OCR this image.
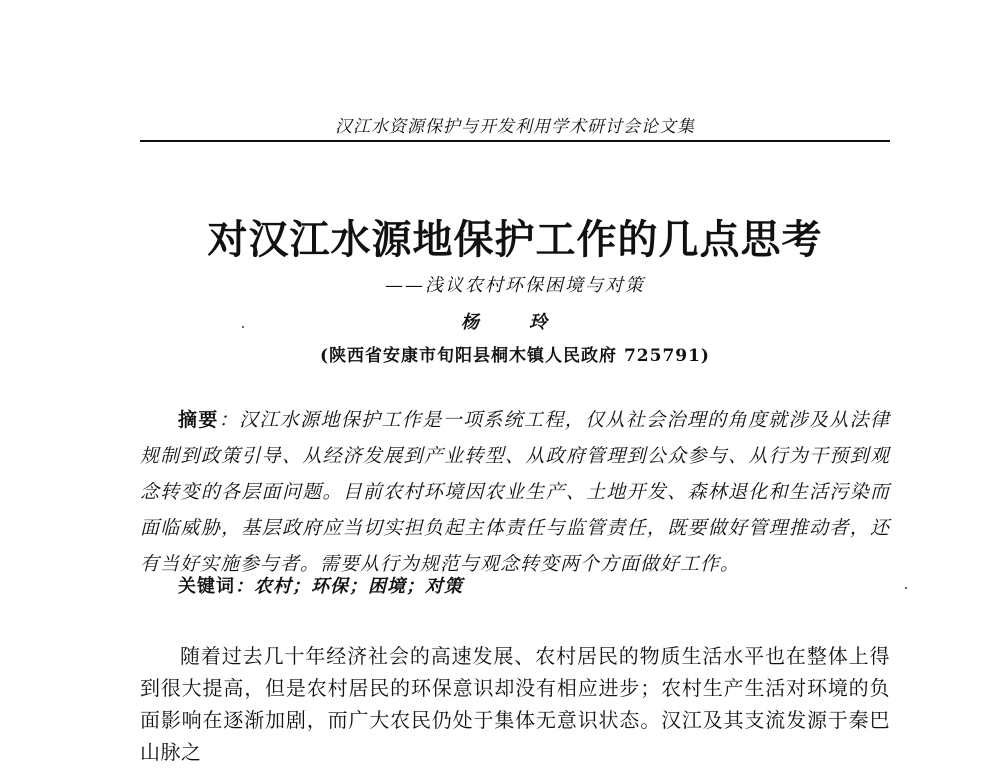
汉江水资源保护与开发利用学术研讨会论文集
对汉江水源地保护工作的几点思考
——浅议农村环保困境与对策
杨 玲
(陕西省安康市旬阳县桐木镇人民政府 725791)
摘要：汉江水源地保护工作是一项系统工程，仅从社会治理的角度就涉及从法律规制到政策引导、从经济发展到产业转型、从政府管理到公众参与、从行为干预到观念转变的各层面问题。目前农村环境因农业生产、土地开发、森林退化和生活污染而面临威胁，基层政府应当切实担负起主体责任与监管责任，既要做好管理推动者，还有当好实施参与者。需要从行为规范与观念转变两个方面做好工作。
关键词：农村；环保；困境；对策
随着过去几十年经济社会的高速发展、农村居民的物质生活水平也在整体上得到很大提高，但是农村居民的环保意识却没有相应进步；农村生产生活对环境的负面影响在逐渐加剧，而广大农民仍处于集体无意识状态。汉江及其支流发源于秦巴山脉之
